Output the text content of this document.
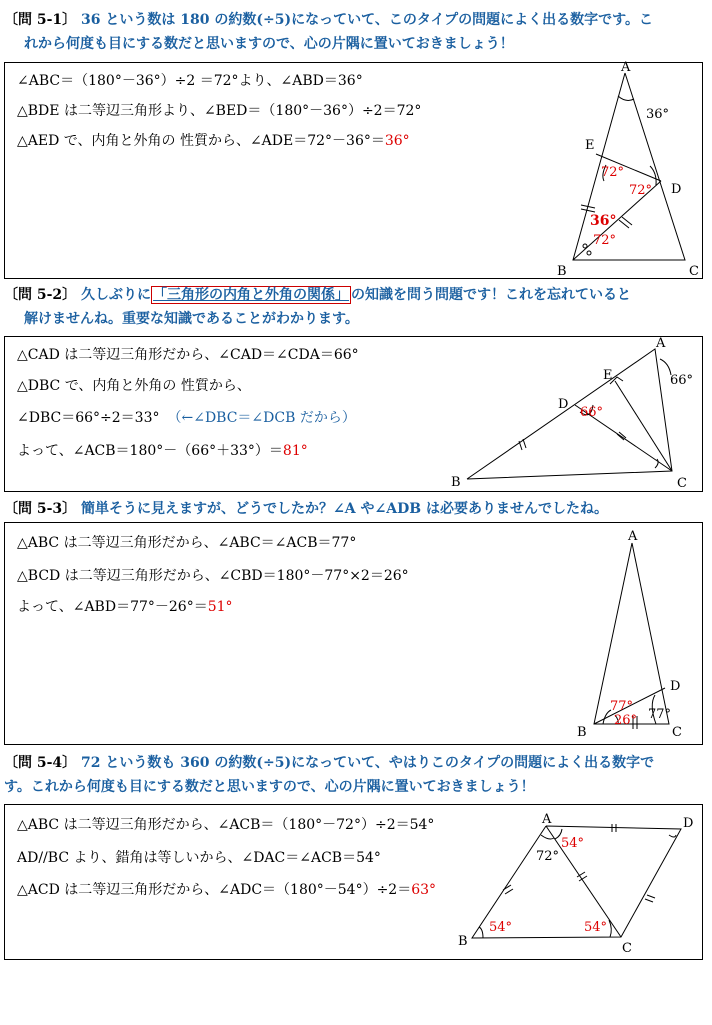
〔問 5-1〕 36 という数は 180 の約数(÷5)になっていて、このタイプの問題によく出る数字です。こ
れから何度も目にする数だと思いますので、心の片隅に置いておきましょう！
∠ABC＝（180°－36°）÷2 ＝72°より、∠ABD＝36°
△BDE は二等辺三角形より、∠BED＝（180°－36°）÷2＝72°
△AED で、内角と外角の 性質から、∠ADE＝72°－36°＝36°
A
B	C
D
E
36°
72°
72°
36°
72°
〔問 5-2〕 久しぶりに 「三角形の内角と外角の関係」 の知識を問う問題です！これを忘れていると
解けませんね。重要な知識であることがわかります。
△CAD は二等辺三角形だから、∠CAD＝∠CDA＝66°
△DBC で、内角と外角の 性質から、
∠DBC＝66°÷2＝33° （←∠DBC＝∠DCB だから）
よって、∠ACB＝180°－（66°＋33°）＝81°
A
B	C
D
E	66°
66°
〔問 5-3〕 簡単そうに見えますが、どうでしたか？∠A や∠ADB は必要ありませんでしたね。
△ABC は二等辺三角形だから、∠ABC＝∠ACB＝77°
△BCD は二等辺三角形だから、∠CBD＝180°－77°×2＝26°
よって、∠ABD＝77°－26°＝51°
A
B	C
D
77°
26° 77°
〔問 5-4〕 72 という数も 360 の約数(÷5)になっていて、やはりこのタイプの問題によく出る数字で
す。これから何度も目にする数だと思いますので、心の片隅に置いておきましょう！
△ABC は二等辺三角形だから、∠ACB＝（180°－72°）÷2＝54°
AD//BC より、錯角は等しいから、∠DAC＝∠ACB＝54°
△ACD は二等辺三角形だから、∠ADC＝（180°－54°）÷2＝63°
A
B	C
D
54°
72°
54°	54°
